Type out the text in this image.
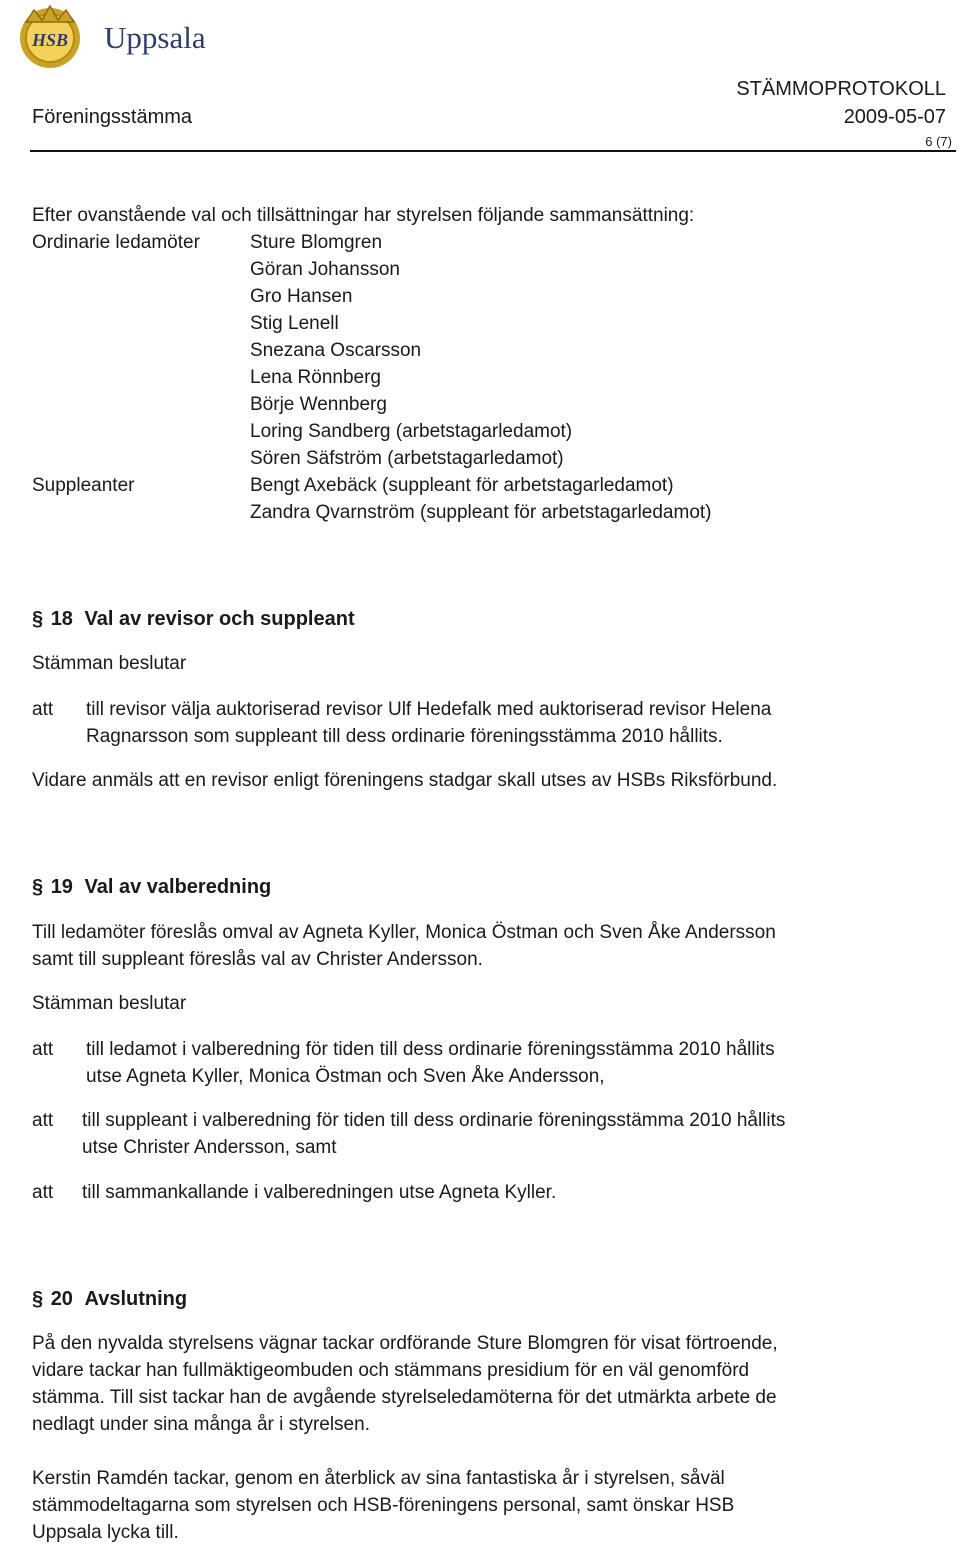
HSB Uppsala
STÄMMOPROTOKOLL
Föreningsstämma	2009-05-07
6 (7)
Efter ovanstående val och tillsättningar har styrelsen följande sammansättning:
Ordinarie ledamöter	Sture Blomgren
Göran Johansson
Gro Hansen
Stig Lenell
Snezana Oscarsson
Lena Rönnberg
Börje Wennberg
Loring Sandberg (arbetstagarledamot)
Sören Säfström (arbetstagarledamot)
Suppleanter	Bengt Axebäck (suppleant för arbetstagarledamot)
Zandra Qvarnström (suppleant för arbetstagarledamot)
§ 18 Val av revisor och suppleant
Stämman beslutar
att till revisor välja auktoriserad revisor Ulf Hedefalk med auktoriserad revisor Helena
Ragnarsson som suppleant till dess ordinarie föreningsstämma 2010 hållits.
Vidare anmäls att en revisor enligt föreningens stadgar skall utses av HSBs Riksförbund.
§ 19 Val av valberedning
Till ledamöter föreslås omval av Agneta Kyller, Monica Östman och Sven Åke Andersson
samt till suppleant föreslås val av Christer Andersson.
Stämman beslutar
att till ledamot i valberedning för tiden till dess ordinarie föreningsstämma 2010 hållits
utse Agneta Kyller, Monica Östman och Sven Åke Andersson,
att till suppleant i valberedning för tiden till dess ordinarie föreningsstämma 2010 hållits
utse Christer Andersson, samt
att till sammankallande i valberedningen utse Agneta Kyller.
§ 20 Avslutning
På den nyvalda styrelsens vägnar tackar ordförande Sture Blomgren för visat förtroende,
vidare tackar han fullmäktigeombuden och stämmans presidium för en väl genomförd
stämma. Till sist tackar han de avgående styrelseledamöterna för det utmärkta arbete de
nedlagt under sina många år i styrelsen.
Kerstin Ramdén tackar, genom en återblick av sina fantastiska år i styrelsen, såväl
stämmodeltagarna som styrelsen och HSB-föreningens personal, samt önskar HSB
Uppsala lycka till.
